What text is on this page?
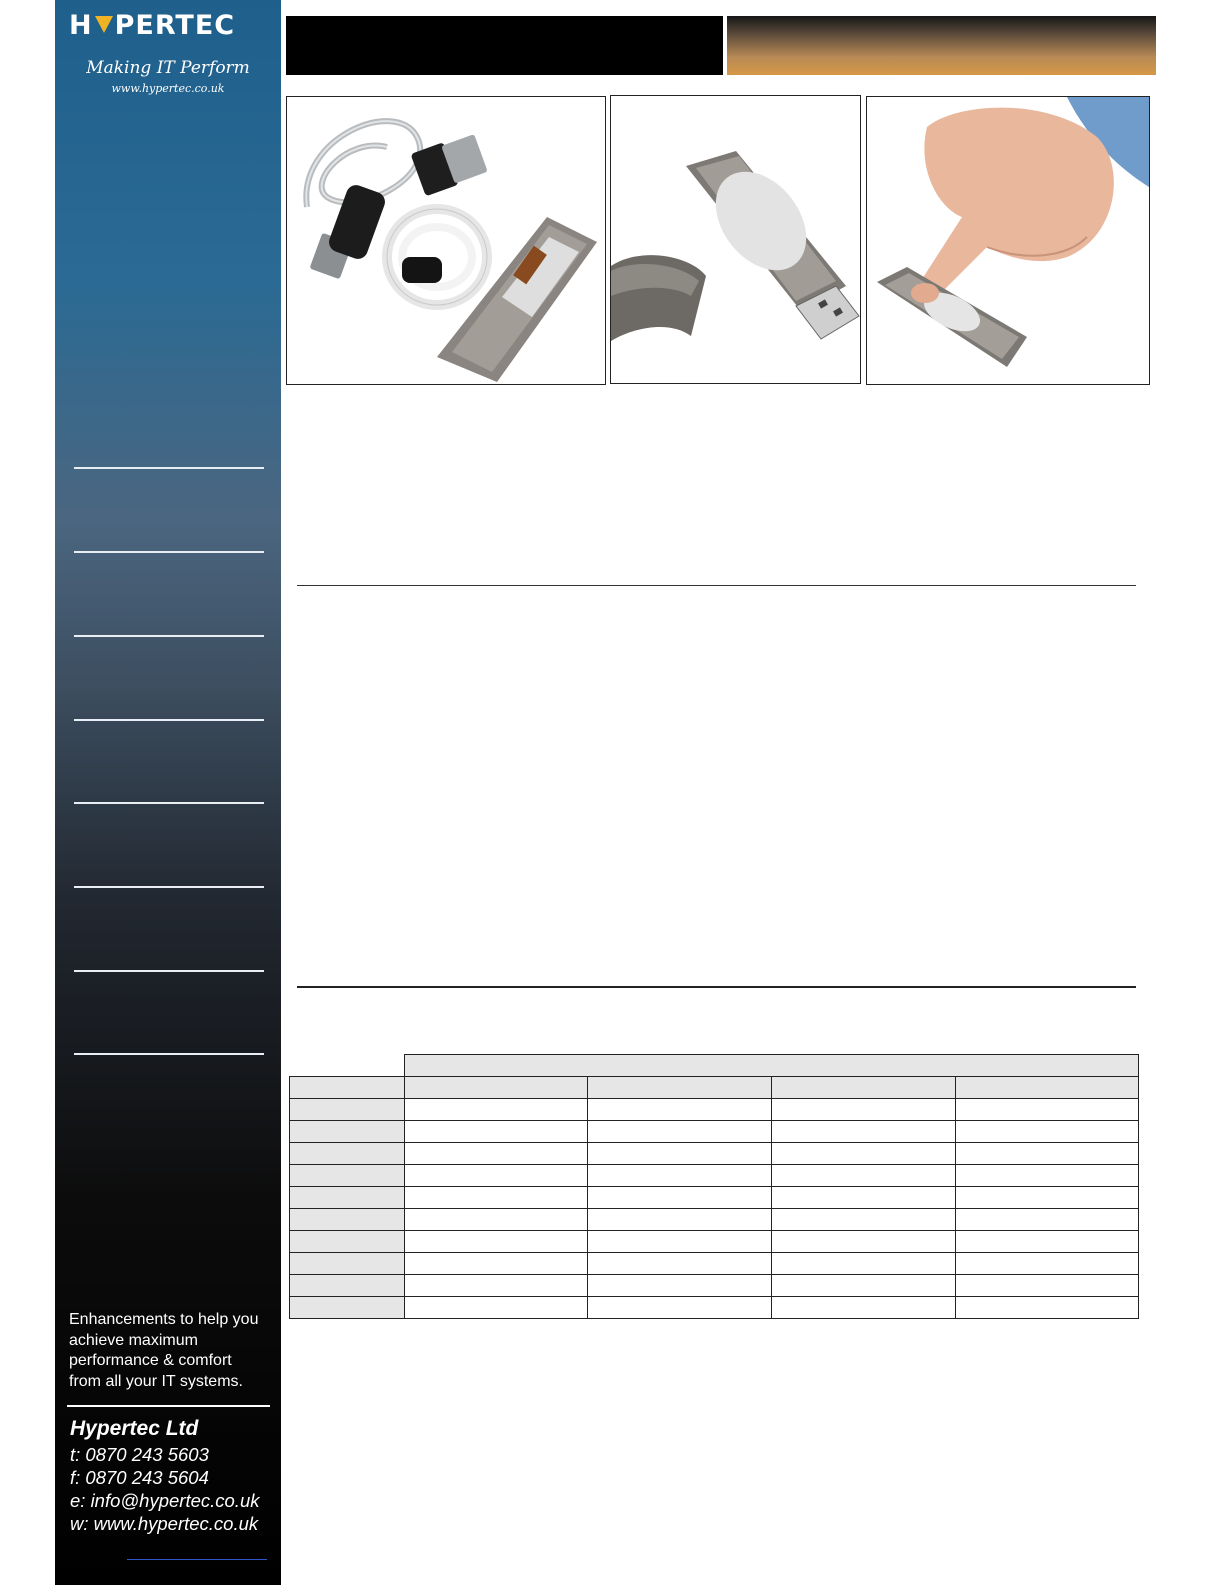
H PERTEC
Making IT Perform
www.hypertec.co.uk
Enhancements to help you
achieve maximum
performance & comfort
from all your IT systems.
Hypertec Ltd
t: 0870 243 5603
f: 0870 243 5604
e: info@hypertec.co.uk
w: www.hypertec.co.uk
